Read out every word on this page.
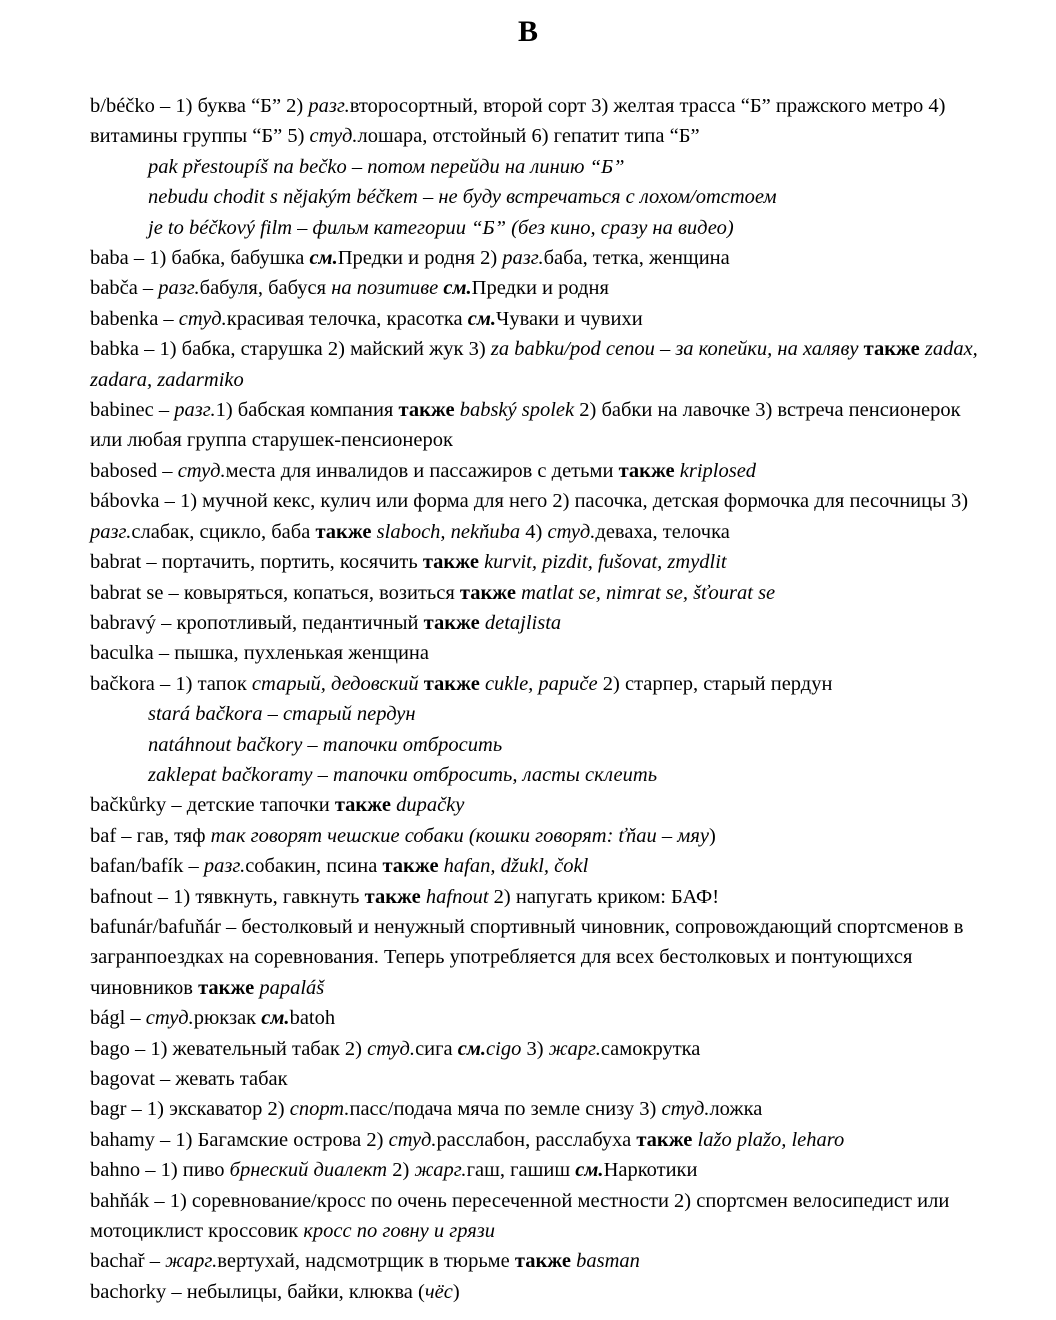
B

b/béčko – 1) буква “Б” 2) разг.второсортный, второй сорт 3) желтая трасса “Б” пражского метро 4) витамины группы “Б” 5) студ.лошара, отстойный 6) гепатит типа “Б”

pak přestoupíš na bečko – потом перейди на линию “Б”

nebudu chodit s nějakým béčkem – не буду встречаться с лохом/отстоем

je to béčkový film – фильм категории “Б” (без кино, сразу на видео)

baba – 1) бабка, бабушка см.Предки и родня 2) разг.баба, тетка, женщина

babča – разг.бабуля, бабуся на позитиве см.Предки и родня

babenka – студ.красивая телочка, красотка см.Чуваки и чувихи

babka – 1) бабка, старушка 2) майский жук 3) za babku/pod cenou – за копейки, на халяву также zadax, zadara, zadarmiko

babinec – разг.1) бабская компания также babský spolek 2) бабки на лавочке 3) встреча пенсионерок или любая группа старушек-пенсионерок

babosed – студ.места для инвалидов и пассажиров с детьми также kriplosed

bábovka – 1) мучной кекс, кулич или форма для него 2) пасочка, детская формочка для песочницы 3) разг.слабак, сцикло, баба также slaboch, nekňuba 4) студ.деваха, телочка

babrat – портачить, портить, косячить также kurvit, pizdit, fušovat, zmydlit

babrat se – ковыряться, копаться, возиться также matlat se, nimrat se, šťourat se

babravý – кропотливый, педантичный также detajlista

baculka – пышка, пухленькая женщина

bačkora – 1) тапок старый, дедовский также cukle, papuče 2) старпер, старый пердун

stará bačkora – старый пердун

natáhnout bačkory – тапочки отбросить

zaklepat bačkoramy – тапочки отбросить, ласты склеить

bačkůrky – детские тапочки также dupačky

baf – гав, тяф так говорят чешские собаки (кошки говорят: ťňau – мяу)

bafan/bafík – разг.собакин, псина также hafan, džukl, čokl

bafnout – 1) тявкнуть, гавкнуть также hafnout 2) напугать криком: БАФ!

bafunár/bafuňár – бестолковый и ненужный спортивный чиновник, сопровождающий спортсменов в загранпоездках на соревнования. Теперь употребляется для всех бестолковых и понтующихся чиновников также papaláš

bágl – студ.рюкзак см.batoh

bago – 1) жевательный табак 2) студ.сига см.cigo 3) жарг.самокрутка

bagovat – жевать табак

bagr – 1) экскаватор 2) спорт.пасс/подача мяча по земле снизу 3) студ.ложка

bahamy – 1) Багамские острова 2) студ.расслабон, расслабуха также lažo plažo, leharo

bahno – 1) пиво брнеский диалект 2) жарг.гаш, гашиш см.Наркотики

bahňák – 1) соревнование/кросс по очень пересеченной местности 2) спортсмен велосипедист или мотоциклист кроссовик кросс по говну и грязи

bachař – жарг.вертухай, надсмотрщик в тюрьме также basman

bachorky – небылицы, байки, клюква (чёс)
